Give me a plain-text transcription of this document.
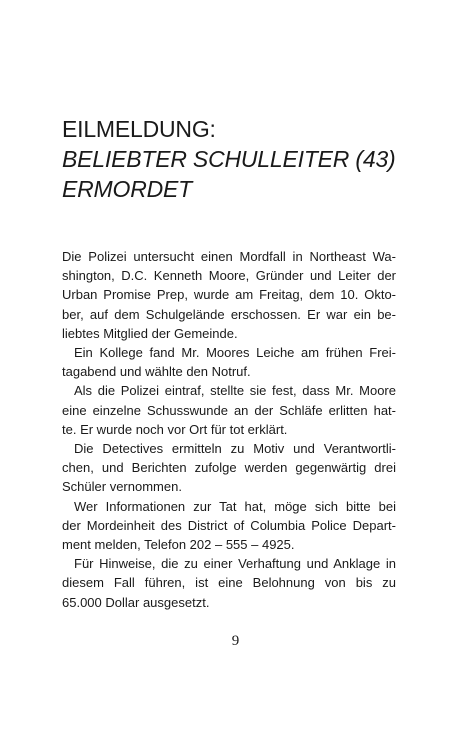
EILMELDUNG:
BELIEBTER SCHULLEITER (43)
ERMORDET

Die Polizei untersucht einen Mordfall in Northeast Wa-
shington, D.C. Kenneth Moore, Gründer und Leiter der
Urban Promise Prep, wurde am Freitag, dem 10. Okto-
ber, auf dem Schulgelände erschossen. Er war ein be-
liebtes Mitglied der Gemeinde.

Ein Kollege fand Mr. Moores Leiche am frühen Frei-
tagabend und wählte den Notruf.

Als die Polizei eintraf, stellte sie fest, dass Mr. Moore
eine einzelne Schusswunde an der Schläfe erlitten hat-
te. Er wurde noch vor Ort für tot erklärt.

Die Detectives ermitteln zu Motiv und Verantwortli-
chen, und Berichten zufolge werden gegenwärtig drei
Schüler vernommen.

Wer Informationen zur Tat hat, möge sich bitte bei
der Mordeinheit des District of Columbia Police Depart-
ment melden, Telefon 202 – 555 – 4925.

Für Hinweise, die zu einer Verhaftung und Anklage in
diesem Fall führen, ist eine Belohnung von bis zu
65.000 Dollar ausgesetzt.

9
